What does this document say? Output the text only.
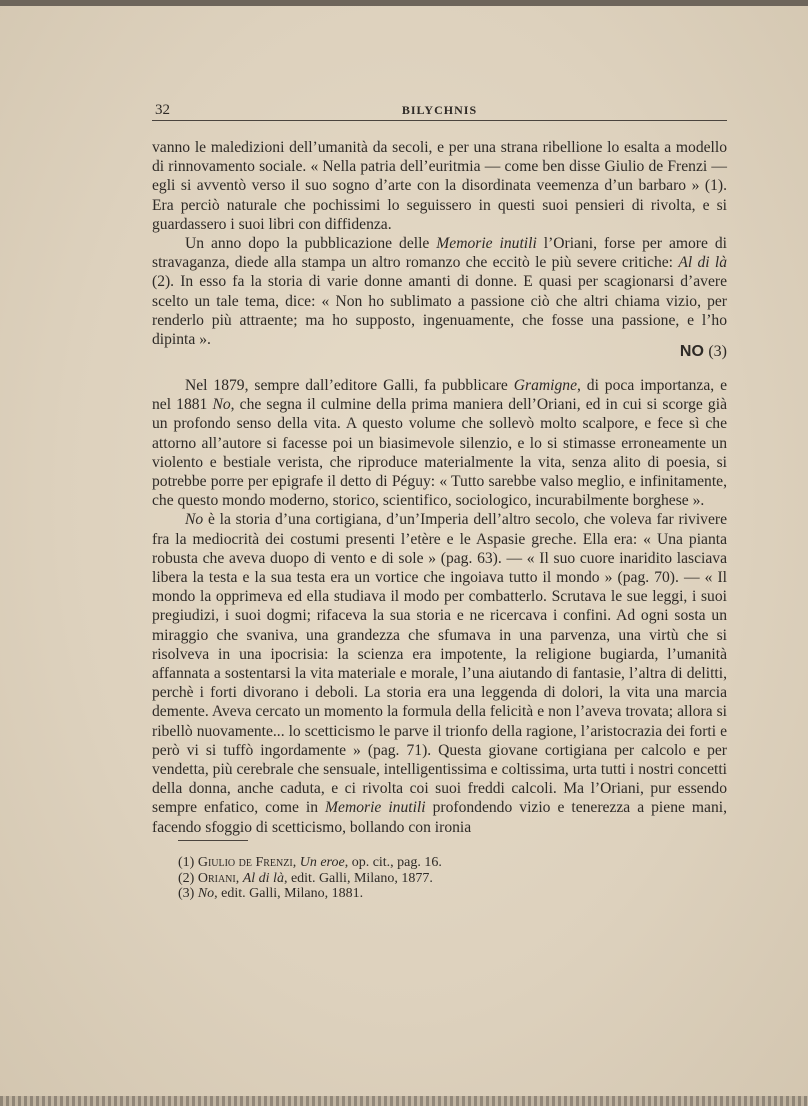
32	BILYCHNIS

vanno le maledizioni dell’umanità da secoli, e per una strana ribellione lo esalta a modello di rinnovamento sociale. « Nella patria dell’euritmia — come ben disse Giulio de Frenzi — egli si avventò verso il suo sogno d’arte con la disordinata veemenza d’un barbaro » (1). Era perciò naturale che pochissimi lo seguissero in questi suoi pensieri di rivolta, e si guardassero i suoi libri con diffidenza.

Un anno dopo la pubblicazione delle Memorie inutili l’Oriani, forse per amore di stravaganza, diede alla stampa un altro romanzo che eccitò le più severe critiche: Al di là (2). In esso fa la storia di varie donne amanti di donne. E quasi per scagionarsi d’avere scelto un tale tema, dice: « Non ho sublimato a passione ciò che altri chiama vizio, per renderlo più attraente; ma ho supposto, ingenuamente, che fosse una passione, e l’ho dipinta ».

NO (3)

Nel 1879, sempre dall’editore Galli, fa pubblicare Gramigne, di poca importanza, e nel 1881 No, che segna il culmine della prima maniera dell’Oriani, ed in cui si scorge già un profondo senso della vita. A questo volume che sollevò molto scalpore, e fece sì che attorno all’autore si facesse poi un biasimevole silenzio, e lo si stimasse erroneamente un violento e bestiale verista, che riproduce materialmente la vita, senza alito di poesia, si potrebbe porre per epigrafe il detto di Péguy: « Tutto sarebbe valso meglio, e infinitamente, che questo mondo moderno, storico, scientifico, sociologico, incurabilmente borghese ».

No è la storia d’una cortigiana, d’un’Imperia dell’altro secolo, che voleva far rivivere fra la mediocrità dei costumi presenti l’etère e le Aspasie greche. Ella era: « Una pianta robusta che aveva duopo di vento e di sole » (pag. 63). — « Il suo cuore inaridito lasciava libera la testa e la sua testa era un vortice che ingoiava tutto il mondo » (pag. 70). — « Il mondo la opprimeva ed ella studiava il modo per combatterlo. Scrutava le sue leggi, i suoi pregiudizi, i suoi dogmi; rifaceva la sua storia e ne ricercava i confini. Ad ogni sosta un miraggio che svaniva, una grandezza che sfumava in una parvenza, una virtù che si risolveva in una ipocrisia: la scienza era impotente, la religione bugiarda, l’umanità affannata a sostentarsi la vita materiale e morale, l’una aiutando di fantasie, l’altra di delitti, perchè i forti divorano i deboli. La storia era una leggenda di dolori, la vita una marcia demente. Aveva cercato un momento la formula della felicità e non l’aveva trovata; allora si ribellò nuovamente... lo scetticismo le parve il trionfo della ragione, l’aristocrazia dei forti e però vi si tuffò ingordamente » (pag. 71). Questa giovane cortigiana per calcolo e per vendetta, più cerebrale che sensuale, intelligentissima e coltissima, urta tutti i nostri concetti della donna, anche caduta, e ci rivolta coi suoi freddi calcoli. Ma l’Oriani, pur essendo sempre enfatico, come in Memorie inutili profondendo vizio e tenerezza a piene mani, facendo sfoggio di scetticismo, bollando con ironia

(1) Giulio de Frenzi, Un eroe, op. cit., pag. 16.

(2) Oriani, Al di là, edit. Galli, Milano, 1877.

(3) No, edit. Galli, Milano, 1881.
